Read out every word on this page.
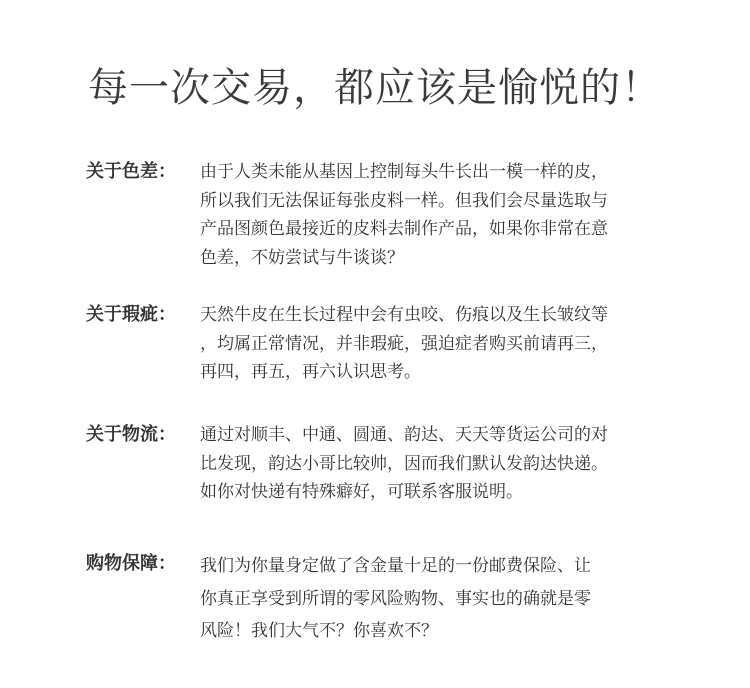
每一次交易，都应该是愉悦的！
关于色差： 由于人类未能从基因上控制每头牛长出一模一样的皮，
所以我们无法保证每张皮料一样。但我们会尽量选取与
产品图颜色最接近的皮料去制作产品，如果你非常在意
色差，不妨尝试与牛谈谈？
关于瑕疵： 天然牛皮在生长过程中会有虫咬、伤痕以及生长皱纹等
，均属正常情况，并非瑕疵，强迫症者购买前请再三，
再四，再五，再六认识思考。
关于物流： 通过对顺丰、中通、圆通、韵达、天天等货运公司的对
比发现，韵达小哥比较帅，因而我们默认发韵达快递。
如你对快递有特殊癖好，可联系客服说明。
购物保障： 我们为你量身定做了含金量十足的一份邮费保险、让
你真正享受到所谓的零风险购物、事实也的确就是零
风险！我们大气不？你喜欢不？
